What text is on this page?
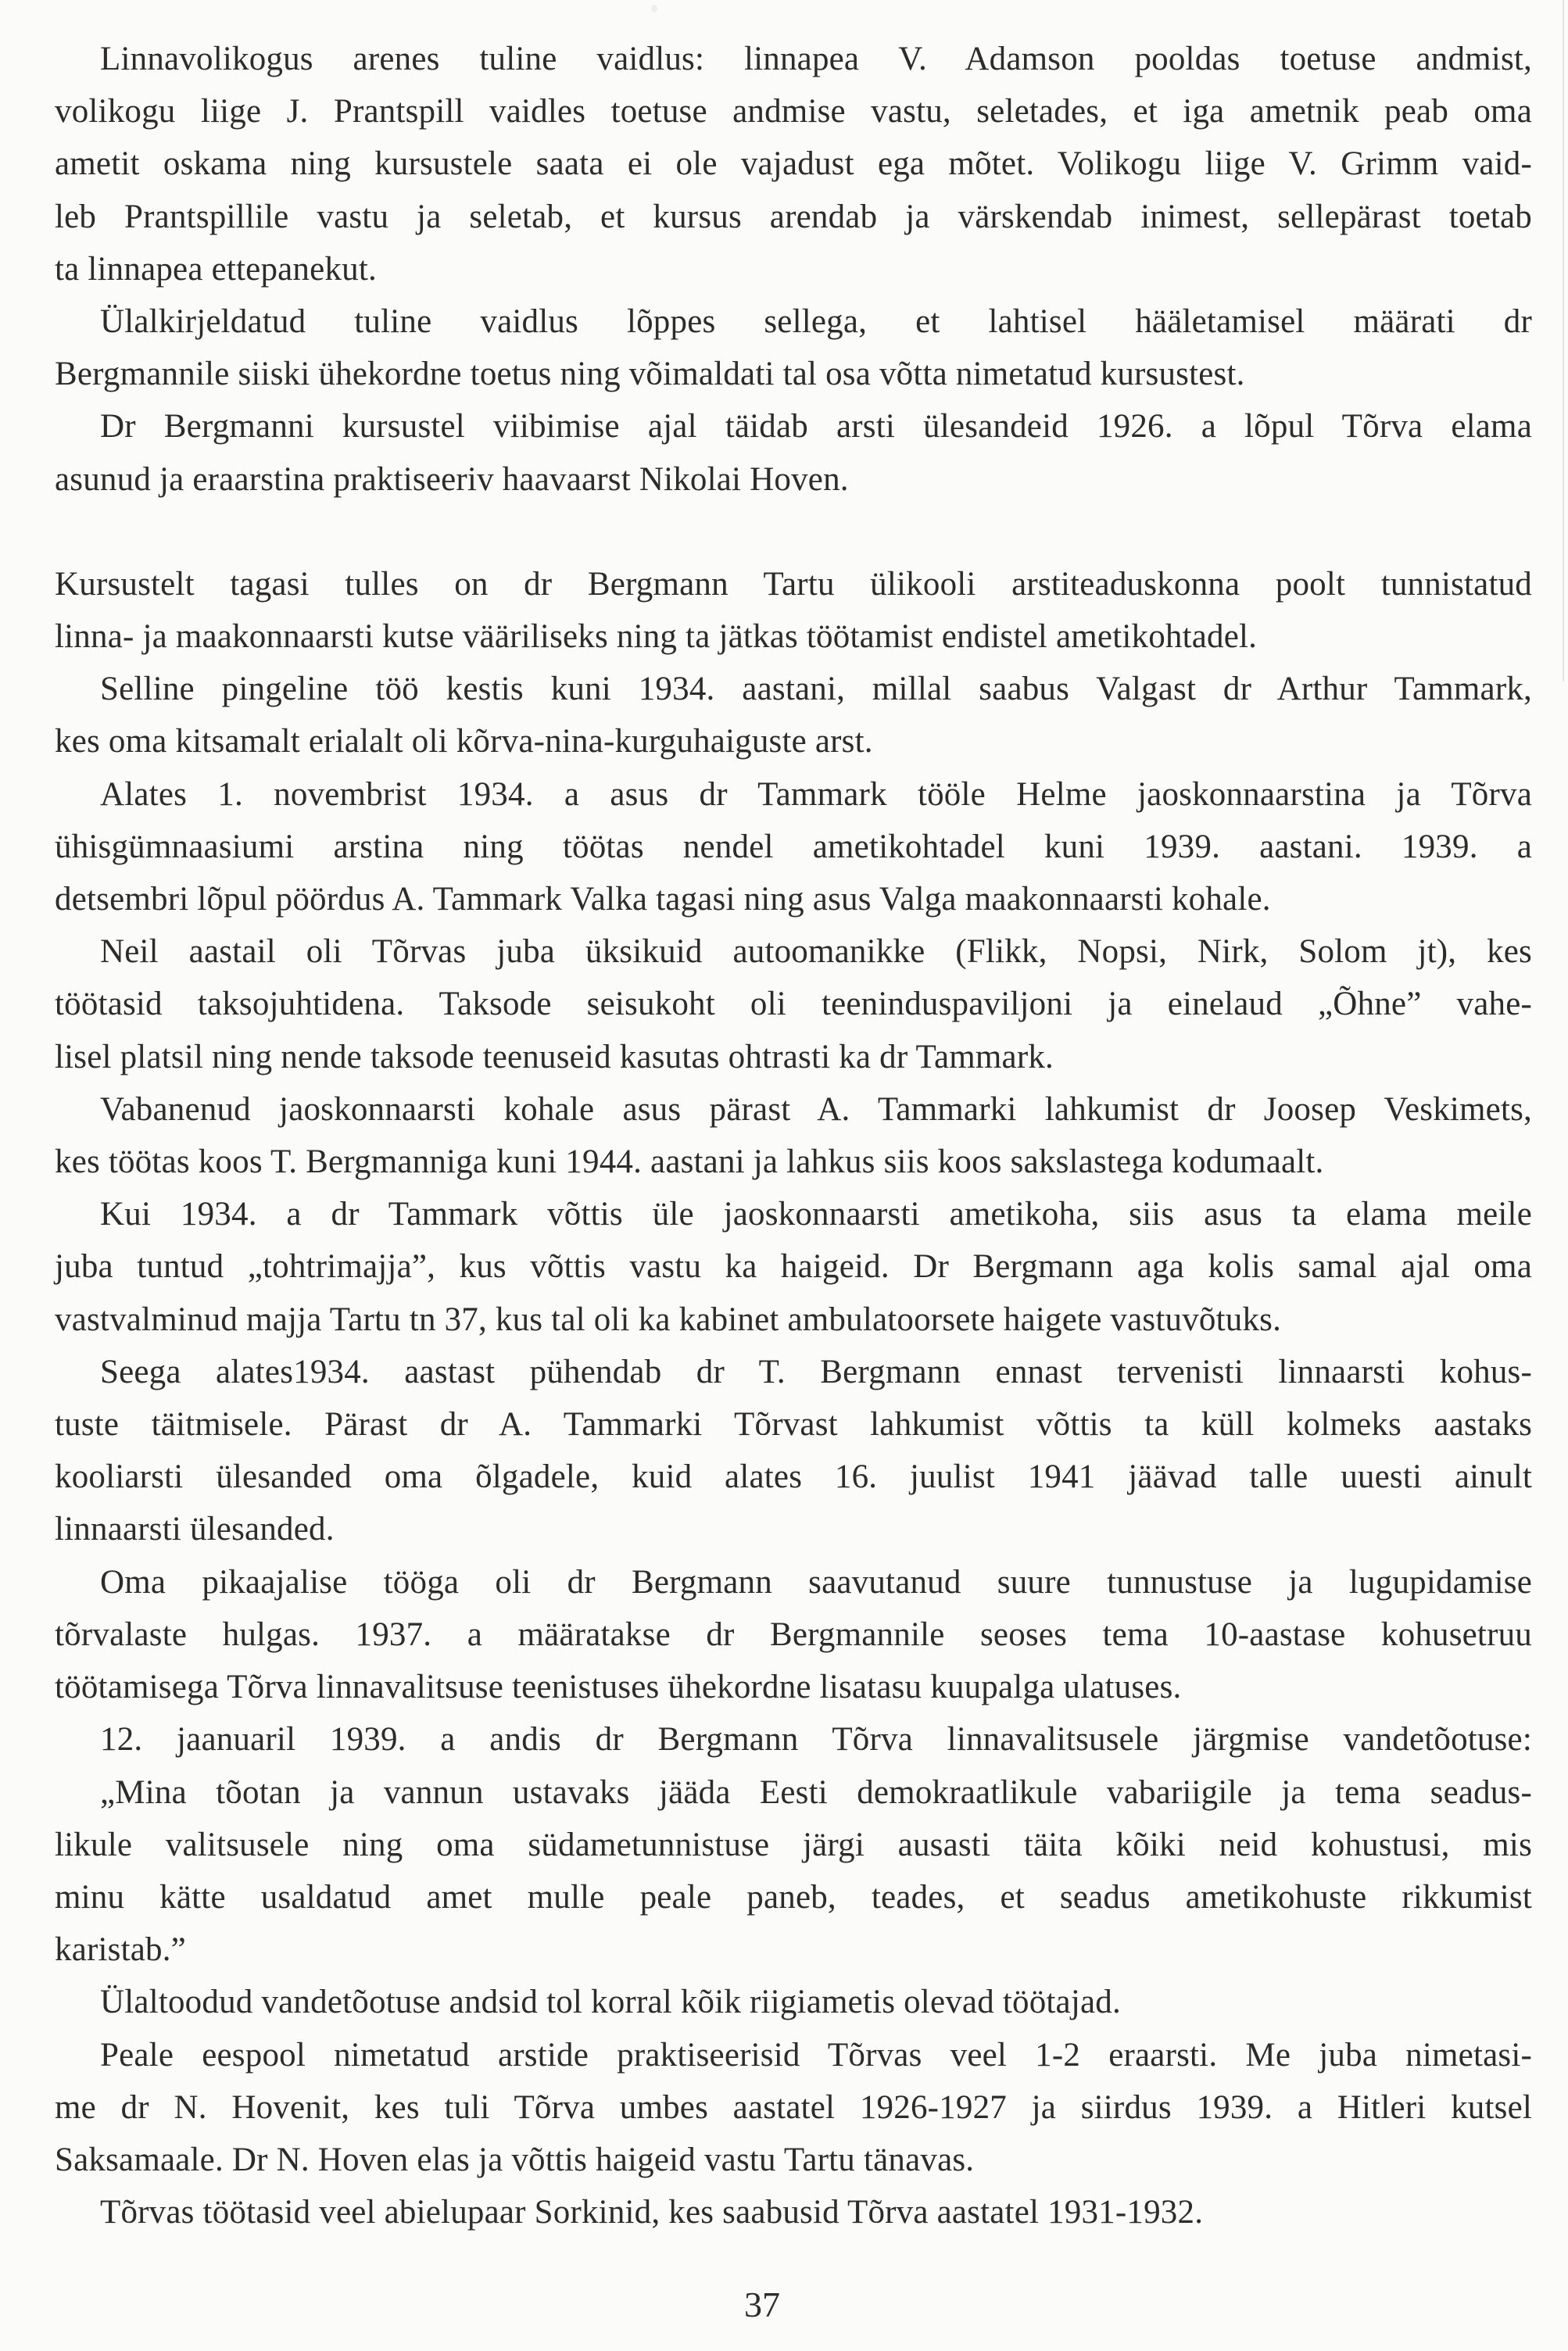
Linnavolikogus arenes tuline vaidlus: linnapea V. Adamson pooldas toetuse andmist,
volikogu liige J. Prantspill vaidles toetuse andmise vastu, seletades, et iga ametnik peab oma
ametit oskama ning kursustele saata ei ole vajadust ega mõtet. Volikogu liige V. Grimm vaid-
leb Prantspillile vastu ja seletab, et kursus arendab ja värskendab inimest, sellepärast toetab
ta linnapea ettepanekut.
Ülalkirjeldatud tuline vaidlus lõppes sellega, et lahtisel hääletamisel määrati dr
Bergmannile siiski ühekordne toetus ning võimaldati tal osa võtta nimetatud kursustest.
Dr Bergmanni kursustel viibimise ajal täidab arsti ülesandeid 1926. a lõpul Tõrva elama
asunud ja eraarstina praktiseeriv haavaarst Nikolai Hoven.
Kursustelt tagasi tulles on dr Bergmann Tartu ülikooli arstiteaduskonna poolt tunnistatud
linna- ja maakonnaarsti kutse vääriliseks ning ta jätkas töötamist endistel ametikohtadel.
Selline pingeline töö kestis kuni 1934. aastani, millal saabus Valgast dr Arthur Tammark,
kes oma kitsamalt erialalt oli kõrva-nina-kurguhaiguste arst.
Alates 1. novembrist 1934. a asus dr Tammark tööle Helme jaoskonnaarstina ja Tõrva
ühisgümnaasiumi arstina ning töötas nendel ametikohtadel kuni 1939. aastani. 1939. a
detsembri lõpul pöördus A. Tammark Valka tagasi ning asus Valga maakonnaarsti kohale.
Neil aastail oli Tõrvas juba üksikuid autoomanikke (Flikk, Nopsi, Nirk, Solom jt), kes
töötasid taksojuhtidena. Taksode seisukoht oli teeninduspaviljoni ja einelaud „Õhne” vahe-
lisel platsil ning nende taksode teenuseid kasutas ohtrasti ka dr Tammark.
Vabanenud jaoskonnaarsti kohale asus pärast A. Tammarki lahkumist dr Joosep Veskimets,
kes töötas koos T. Bergmanniga kuni 1944. aastani ja lahkus siis koos sakslastega kodumaalt.
Kui 1934. a dr Tammark võttis üle jaoskonnaarsti ametikoha, siis asus ta elama meile
juba tuntud „tohtrimajja”, kus võttis vastu ka haigeid. Dr Bergmann aga kolis samal ajal oma
vastvalminud majja Tartu tn 37, kus tal oli ka kabinet ambulatoorsete haigete vastuvõtuks.
Seega alates1934. aastast pühendab dr T. Bergmann ennast tervenisti linnaarsti kohus-
tuste täitmisele. Pärast dr A. Tammarki Tõrvast lahkumist võttis ta küll kolmeks aastaks
kooliarsti ülesanded oma õlgadele, kuid alates 16. juulist 1941 jäävad talle uuesti ainult
linnaarsti ülesanded.
Oma pikaajalise tööga oli dr Bergmann saavutanud suure tunnustuse ja lugupidamise
tõrvalaste hulgas. 1937. a määratakse dr Bergmannile seoses tema 10-aastase kohusetruu
töötamisega Tõrva linnavalitsuse teenistuses ühekordne lisatasu kuupalga ulatuses.
12. jaanuaril 1939. a andis dr Bergmann Tõrva linnavalitsusele järgmise vandetõotuse:
„Mina tõotan ja vannun ustavaks jääda Eesti demokraatlikule vabariigile ja tema seadus-
likule valitsusele ning oma südametunnistuse järgi ausasti täita kõiki neid kohustusi, mis
minu kätte usaldatud amet mulle peale paneb, teades, et seadus ametikohuste rikkumist
karistab.”
Ülaltoodud vandetõotuse andsid tol korral kõik riigiametis olevad töötajad.
Peale eespool nimetatud arstide praktiseerisid Tõrvas veel 1-2 eraarsti. Me juba nimetasi-
me dr N. Hovenit, kes tuli Tõrva umbes aastatel 1926-1927 ja siirdus 1939. a Hitleri kutsel
Saksamaale. Dr N. Hoven elas ja võttis haigeid vastu Tartu tänavas.
Tõrvas töötasid veel abielupaar Sorkinid, kes saabusid Tõrva aastatel 1931-1932.
37
